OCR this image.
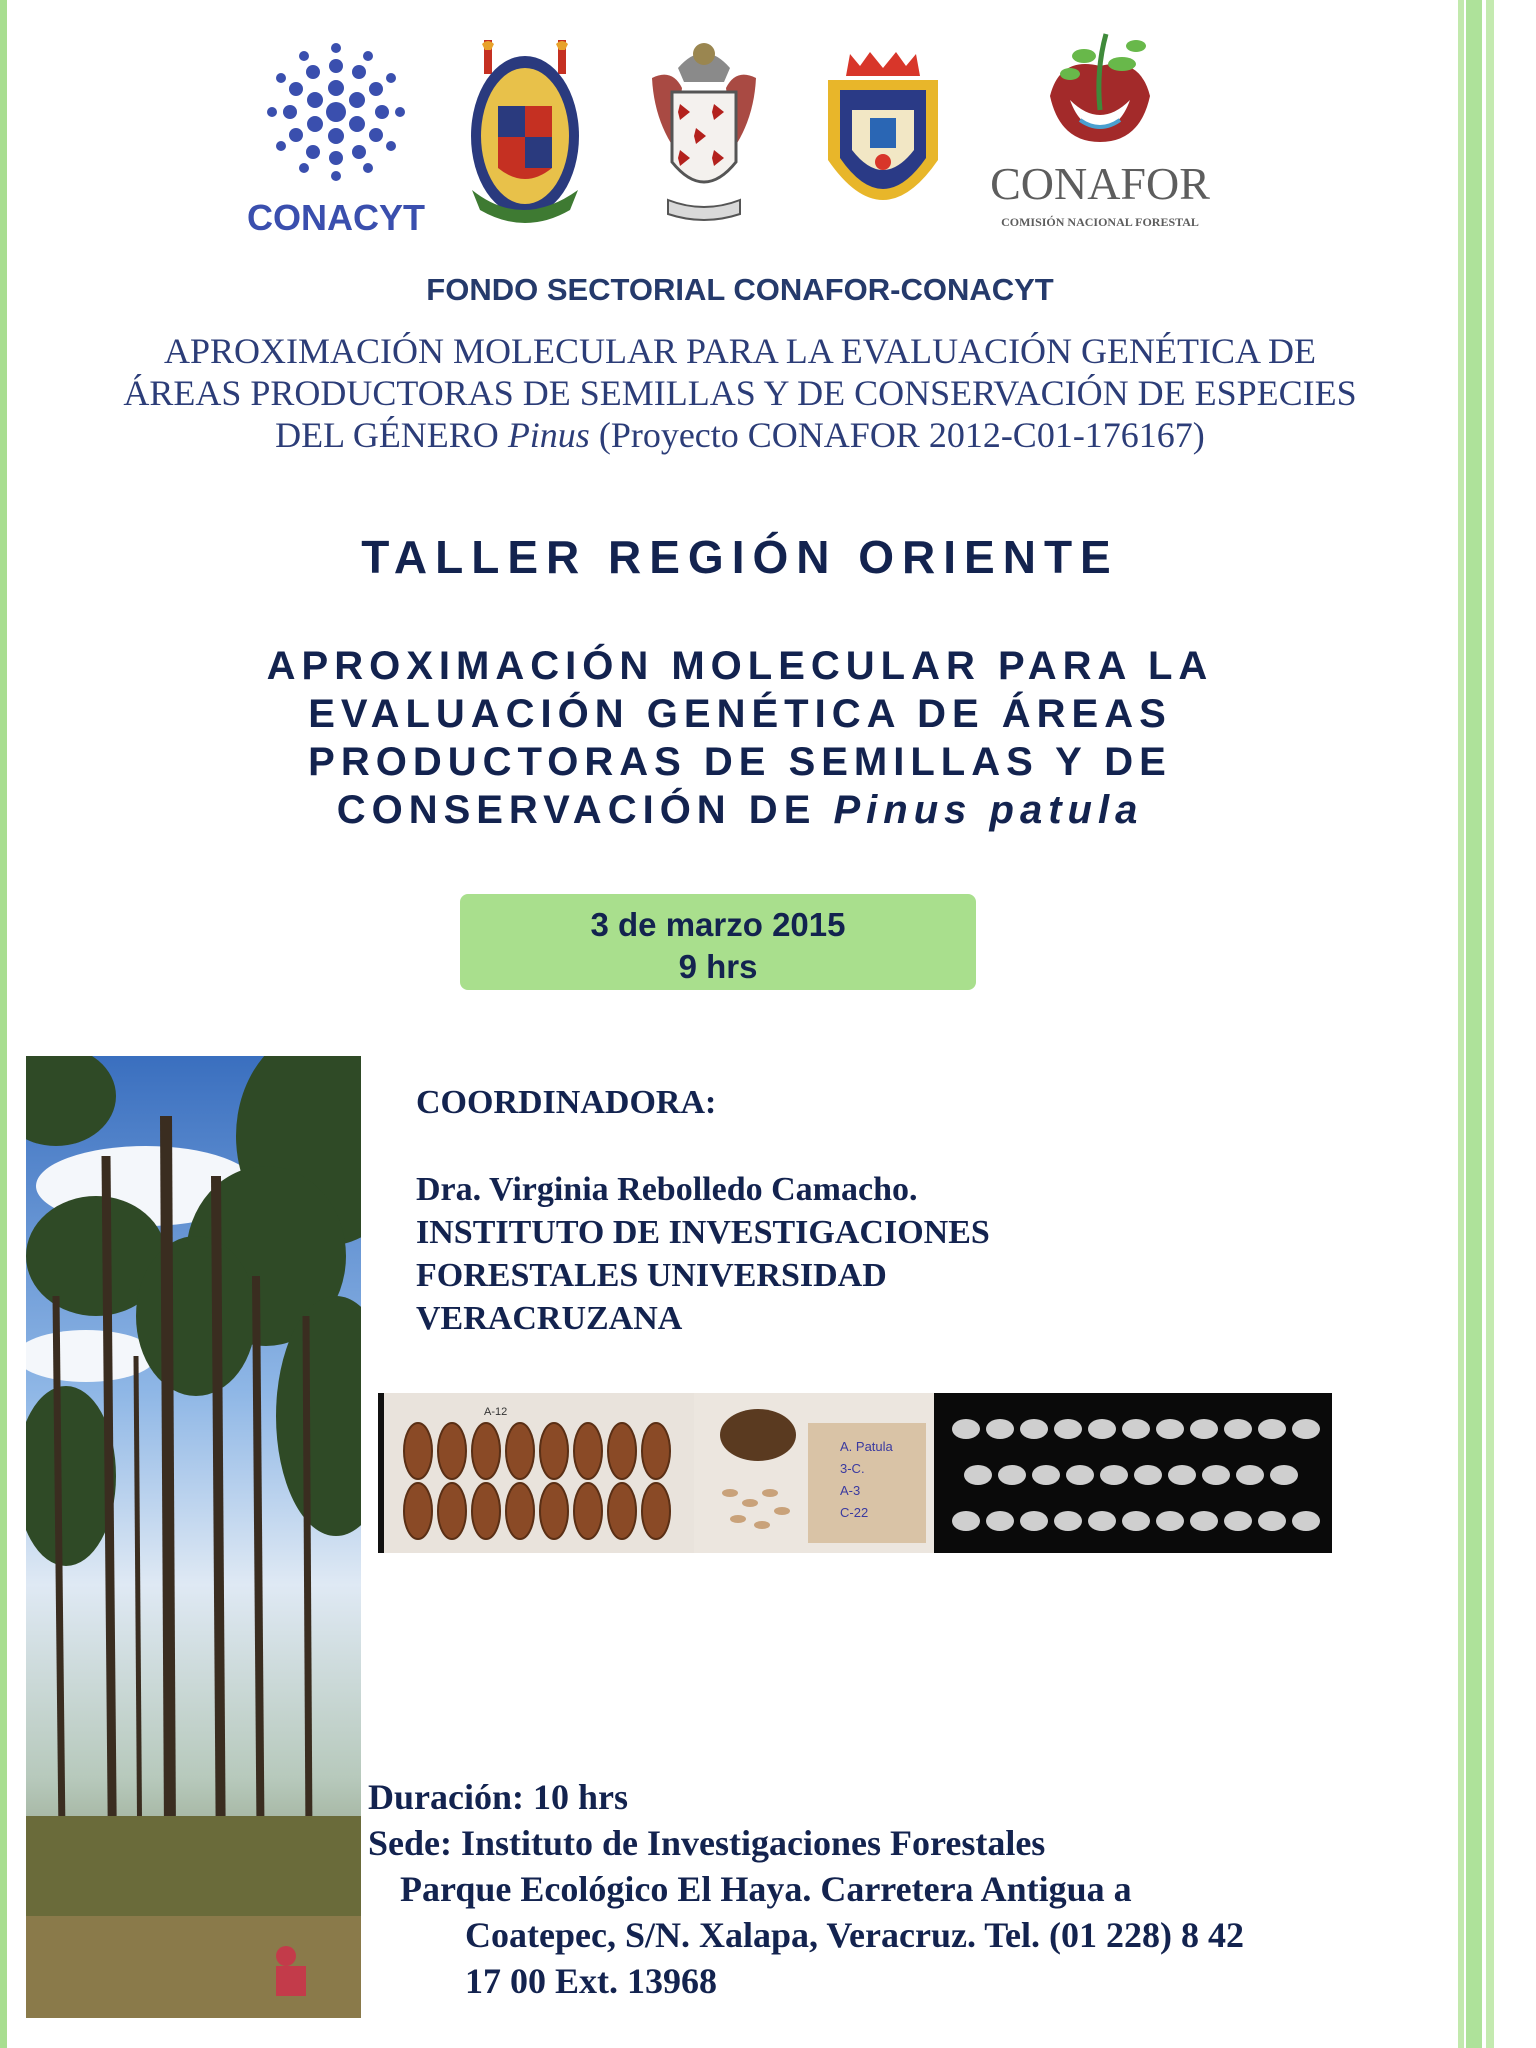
CONACYT
CONAFOR
COMISIÓN NACIONAL FORESTAL
FONDO SECTORIAL CONAFOR-CONACYT
APROXIMACIÓN MOLECULAR PARA LA EVALUACIÓN GENÉTICA DE
ÁREAS PRODUCTORAS DE SEMILLAS Y DE CONSERVACIÓN DE ESPECIES
DEL GÉNERO Pinus (Proyecto CONAFOR 2012-C01-176167)
TALLER REGIÓN ORIENTE
APROXIMACIÓN MOLECULAR PARA LA
EVALUACIÓN GENÉTICA DE ÁREAS
PRODUCTORAS DE SEMILLAS Y DE
CONSERVACIÓN DE Pinus patula
3 de marzo 2015
9 hrs
COORDINADORA:
Dra. Virginia Rebolledo Camacho.
INSTITUTO DE INVESTIGACIONES
FORESTALES UNIVERSIDAD
VERACRUZANA
A-12
A. Patula
3-C.
A-3
C-22
Duración: 10 hrs
Sede: Instituto de Investigaciones Forestales
Parque Ecológico El Haya. Carretera Antigua a
Coatepec, S/N. Xalapa, Veracruz. Tel. (01 228) 8 42
17 00 Ext. 13968
